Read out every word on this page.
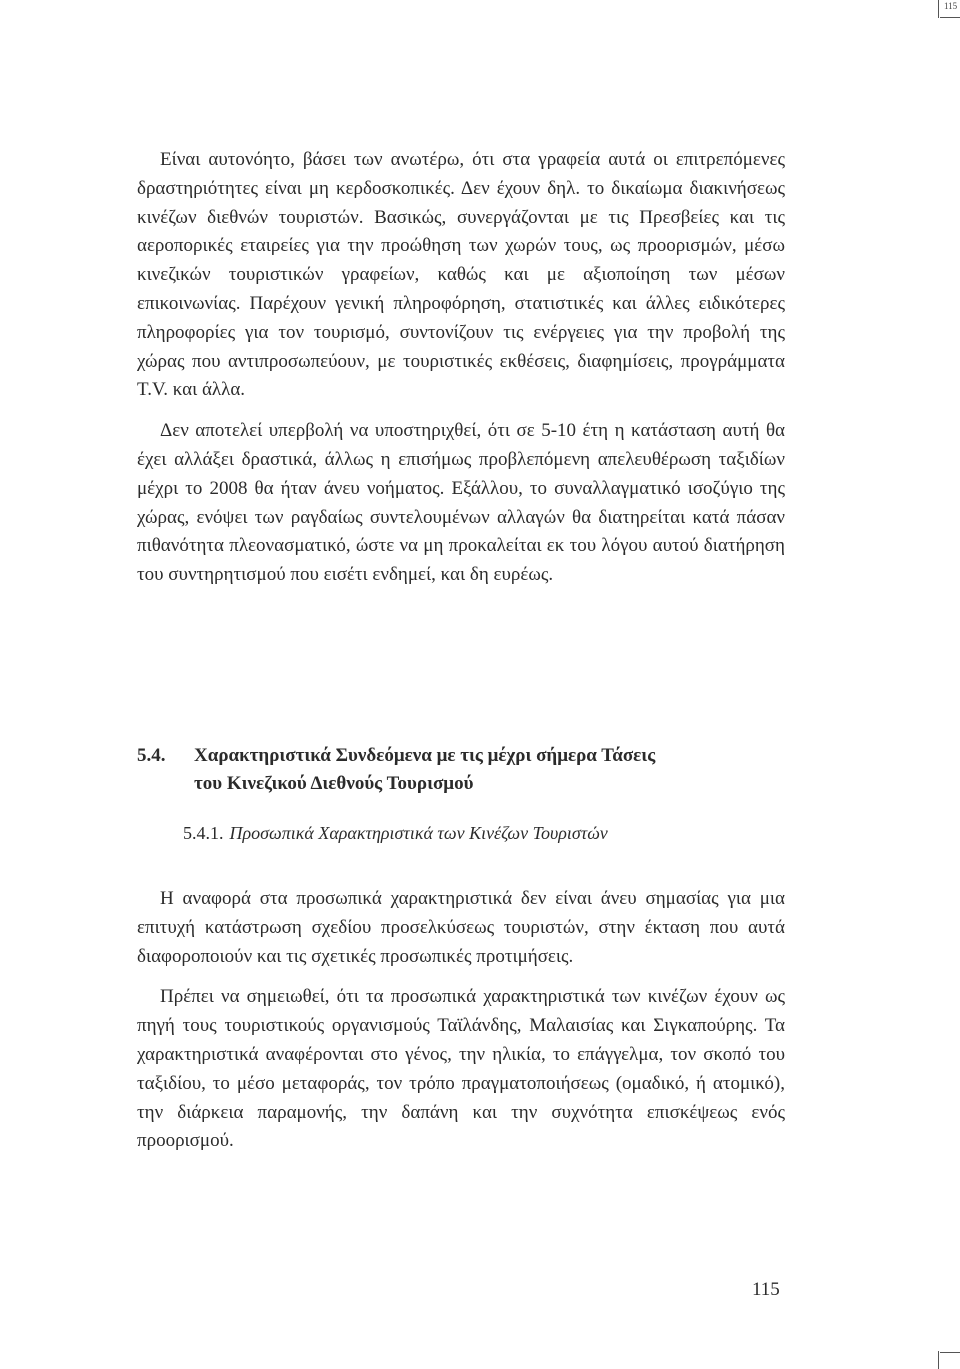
115

Είναι αυτονόητο, βάσει των ανωτέρω, ότι στα γραφεία αυτά οι επιτρεπόμενες δραστηριότητες είναι μη κερδοσκοπικές. Δεν έχουν δηλ. το δικαίωμα διακινήσεως κινέζων διεθνών τουριστών. Βασικώς, συνεργάζονται με τις Πρεσβείες και τις αεροπορικές εταιρείες για την προώθηση των χωρών τους, ως προορισμών, μέσω κινεζικών τουριστικών γραφείων, καθώς και με αξιοποίηση των μέσων επικοινωνίας. Παρέχουν γενική πληροφόρηση, στατιστικές και άλλες ειδικότερες πληροφορίες για τον τουρισμό, συντονίζουν τις ενέργειες για την προβολή της χώρας που αντιπροσωπεύουν, με τουριστικές εκθέσεις, διαφημίσεις, προγράμματα T.V. και άλλα.

Δεν αποτελεί υπερβολή να υποστηριχθεί, ότι σε 5-10 έτη η κατάσταση αυτή θα έχει αλλάξει δραστικά, άλλως η επισήμως προβλεπόμενη απελευθέρωση ταξιδίων μέχρι το 2008 θα ήταν άνευ νοήματος. Εξάλλου, το συναλλαγματικό ισοζύγιο της χώρας, ενόψει των ραγδαίως συντελουμένων αλλαγών θα διατηρείται κατά πάσαν πιθανότητα πλεονασματικό, ώστε να μη προκαλείται εκ του λόγου αυτού διατήρηση του συντηρητισμού που εισέτι ενδημεί, και δη ευρέως.

5.4. Χαρακτηριστικά Συνδεόμενα με τις μέχρι σήμερα Τάσεις
του Κινεζικού Διεθνούς Τουρισμού
5.4.1. Προσωπικά Χαρακτηριστικά των Κινέζων Τουριστών

Η αναφορά στα προσωπικά χαρακτηριστικά δεν είναι άνευ σημασίας για μια επιτυχή κατάστρωση σχεδίου προσελκύσεως τουριστών, στην έκταση που αυτά διαφοροποιούν και τις σχετικές προσωπικές προτιμήσεις.

Πρέπει να σημειωθεί, ότι τα προσωπικά χαρακτηριστικά των κινέζων έχουν ως πηγή τους τουριστικούς οργανισμούς Ταϊλάνδης, Μαλαισίας και Σιγκαπούρης. Τα χαρακτηριστικά αναφέρονται στο γένος, την ηλικία, το επάγγελμα, τον σκοπό του ταξιδίου, το μέσο μεταφοράς, τον τρόπο πραγματοποιήσεως (ομαδικό, ή ατομικό), την διάρκεια παραμονής, την δαπάνη και την συχνότητα επισκέψεως ενός προορισμού.

115
